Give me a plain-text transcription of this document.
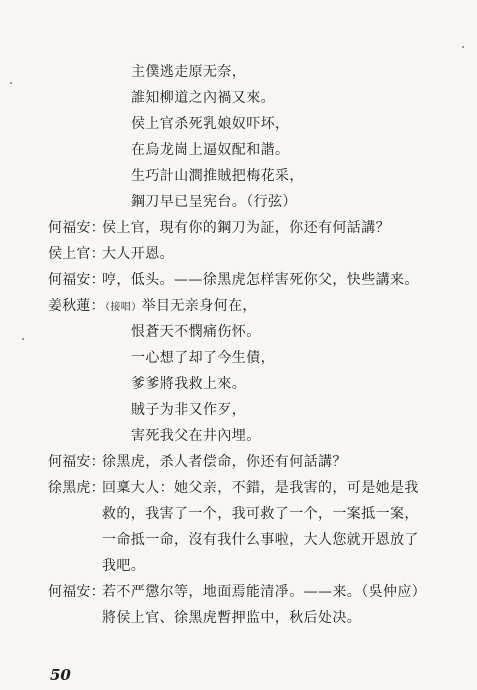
主僕逃走原无奈，
誰知柳道之內禍又來。
侯上官杀死乳娘奴吓坏，
在烏龙崗上逼奴配和諧。
生巧計山澗推賊把梅花采，
鋼刀早已呈宪台。（行弦）
何福安：
侯上官，現有你的鋼刀为証，你还有何話講？
侯上官：
大人开恩。
何福安：
哼，低头。——徐黑虎怎样害死你父，快些講来。
姜秋蓮：
（接唱）举目无亲身何在，
恨蒼天不憫痛伤怀。
一心想了却了今生債，
爹爹將我救上來。
賊子为非又作歹，
害死我父在井內埋。
何福安：
徐黑虎，杀人者偿命，你还有何話講？
徐黑虎：
回稟大人：她父亲，不錯，是我害的，可是她是我
救的，我害了一个，我可救了一个，一案抵一案，
一命抵一命，沒有我什么事啦，大人您就开恩放了
我吧。
何福安：
若不严懲尔等，地面焉能清凈。——来。（吳仲应）
將侯上官、徐黑虎暫押监中，秋后处决。
50
